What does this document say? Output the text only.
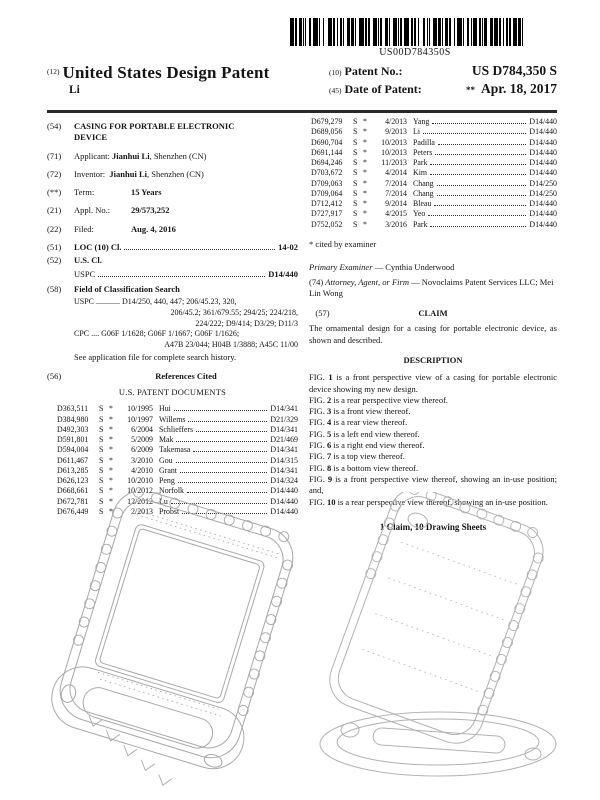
US00D784350S
(12) United States Design Patent
Li
(10) Patent No.:	US D784,350 S
(45) Date of Patent:	** Apr. 18, 2017
(54)	CASING FOR PORTABLE ELECTRONIC DEVICE
(71)	Applicant: Jianhui Li, Shenzhen (CN)
(72)	Inventor: Jianhui Li, Shenzhen (CN)
(**)	Term:	15 Years
(21)	Appl. No.:	29/573,252
(22)	Filed:	Aug. 4, 2016
(51)	LOC (10) Cl.	14-02
(52)	U.S. Cl.
USPC	D14/440
(58)	Field of Classification Search
USPC ............ D14/250, 440, 447; 206/45.23, 320,
206/45.2; 361/679.55; 294/25; 224/218,
224/222; D9/414; D3/29; D11/3
CPC .... G06F 1/1628; G06F 1/1667; G06F 1/1626;
A47B 23/044; H04B 1/3888; A45C 11/00
See application file for complete search history.
(56)	References Cited
U.S. PATENT DOCUMENTS
D363,511	S *	10/1995 Hui	D14/341
D384,980	S *	10/1997 Willems	D21/329
D492,303	S *	6/2004 Schlieffers	D14/341
D591,801	S *	5/2009 Mak	D21/469
D594,004	S *	6/2009 Takemasa	D14/341
D611,467	S *	3/2010 Gou	D14/315
D613,285	S *	4/2010 Grant	D14/341
D626,123	S *	10/2010 Peng	D14/324
D668,661	S *	10/2012 Norfolk	D14/440
D672,781	S *	12/2012 Lu	D14/440
D676,449	S *	2/2013 Probst	D14/440
D679,279	S *	4/2013 Yang	D14/440
D689,056	S *	9/2013 Li	D14/440
D690,704	S *	10/2013 Padilla	D14/440
D691,144	S *	10/2013 Peters	D14/440
D694,246	S *	11/2013 Park	D14/440
D703,672	S *	4/2014 Kim	D14/440
D709,063	S *	7/2014 Chang	D14/250
D709,064	S *	7/2014 Chang	D14/250
D712,412	S *	9/2014 Bleau	D14/440
D727,917	S *	4/2015 Yeo	D14/440
D752,052	S *	3/2016 Park	D14/440
* cited by examiner
Primary Examiner — Cynthia Underwood
(74) Attorney, Agent, or Firm — Novoclaims Patent Services LLC; Mei Lin Wong
(57)	CLAIM
The ornamental design for a casing for portable electronic device, as shown and described.
DESCRIPTION
FIG. 1 is a front perspective view of a casing for portable electronic device showing my new design.
FIG. 2 is a rear perspective view thereof.
FIG. 3 is a front view thereof.
FIG. 4 is a rear view thereof.
FIG. 5 is a left end view thereof.
FIG. 6 is a right end view thereof.
FIG. 7 is a top view thereof.
FIG. 8 is a bottom view thereof.
FIG. 9 is a front perspective view thereof, showing an in-use position; and,
FIG. 10 is a rear perspective view thereof, showing an in-use position.
1 Claim, 10 Drawing Sheets
